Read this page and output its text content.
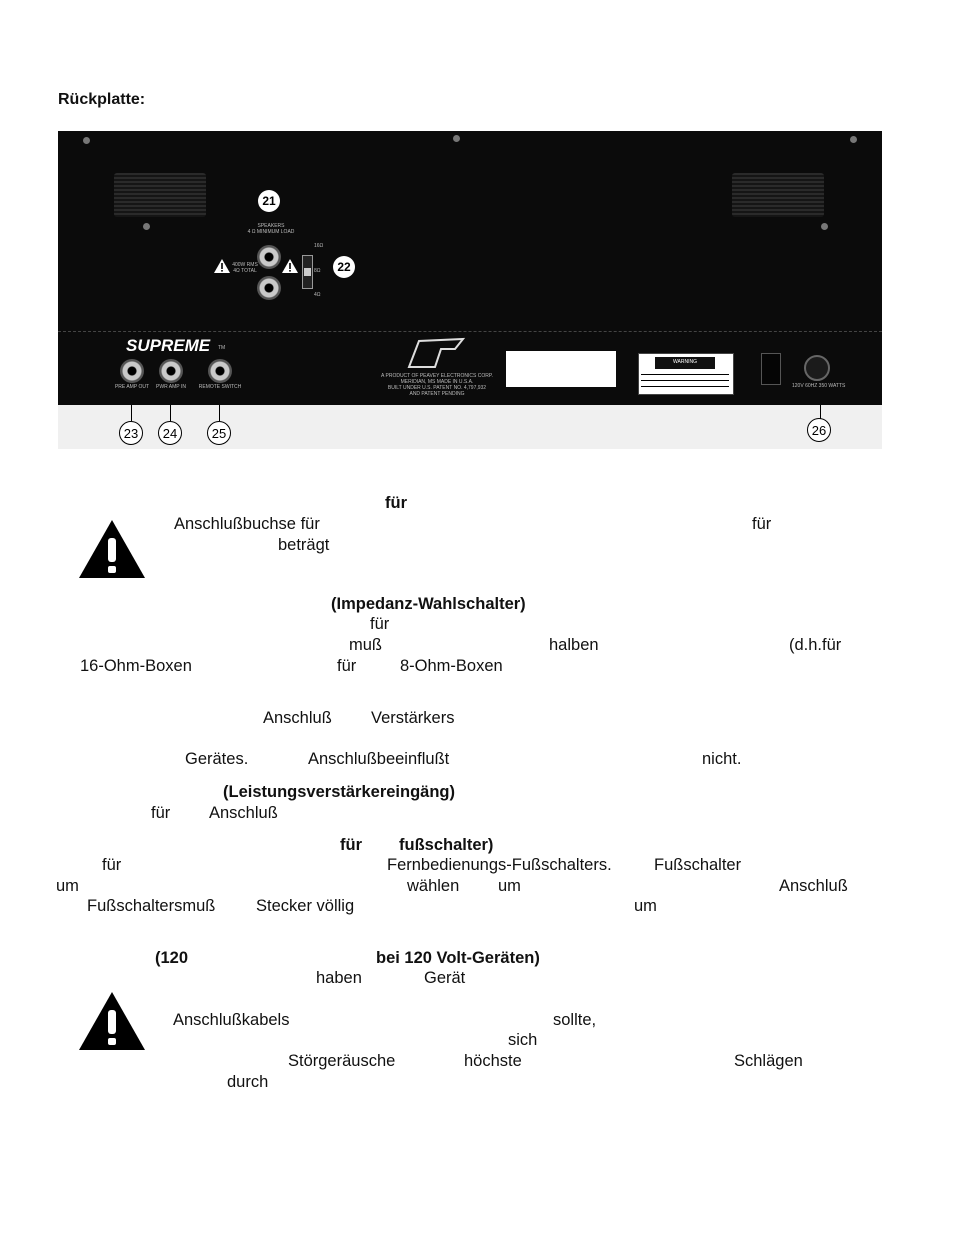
Rückplatte:
21
SPEAKERS
4 Ω MINIMUM LOAD
400W RMS
4Ω TOTAL
16Ω
8Ω
4Ω
22
SUPREME TM
PRE AMP OUT	PWR AMP IN	REMOTE SWITCH
A PRODUCT OF PEAVEY ELECTRONICS CORP.
MERIDIAN, MS MADE IN U.S.A.
BUILT UNDER U.S. PATENT NO. 4,797,932
AND PATENT PENDING
WARNING
120V 60HZ 350 WATTS
23	24	25	26
für
Anschlußbuchse für	für
beträgt
(Impedanz-Wahlschalter)
für
muß	halben	(d.h.für
16-Ohm-Boxen	für	8-Ohm-Boxen
Anschluß Verstärkers
Gerätes.	Anschlußbeeinflußt	nicht.
(Leistungsverstärkereingäng)
für Anschluß
für fußschalter)
für	Fernbedienungs-Fußschalters.	Fußschalter
um	wählen um	Anschluß
Fußschaltersmuß Stecker völlig	um
(120	bei 120 Volt-Geräten)
haben	Gerät
Anschlußkabels	sollte,
sich
Störgeräusche	höchste	Schlägen
durch
